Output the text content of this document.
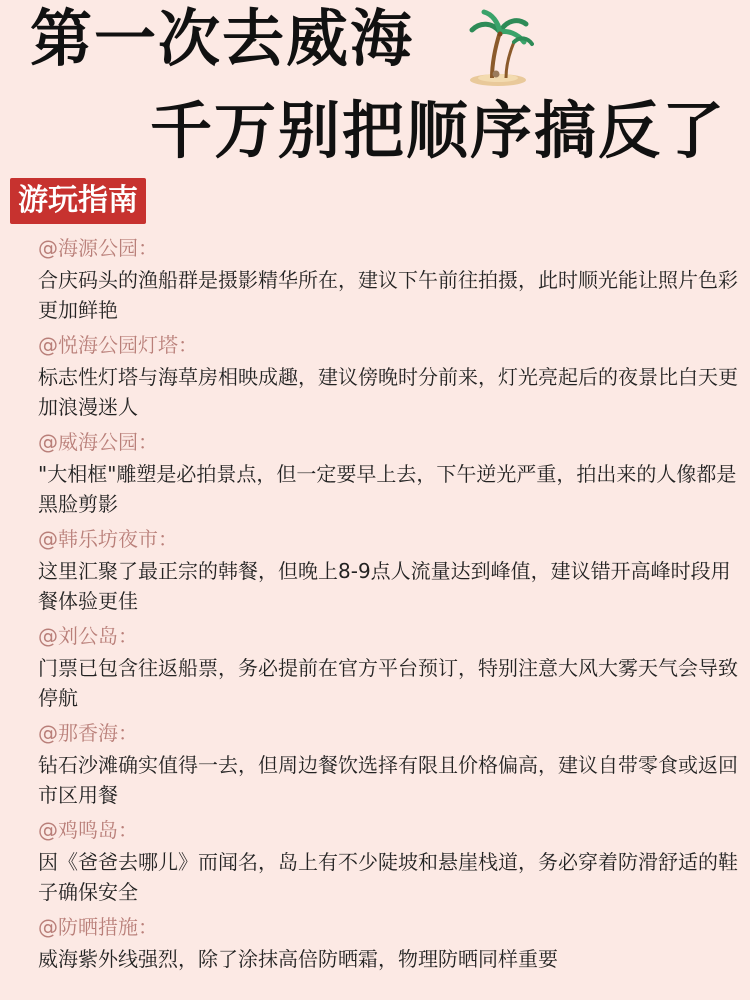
第一次去威海
千万别把顺序搞反了
游玩指南
@海源公园：
合庆码头的渔船群是摄影精华所在，建议下午前往拍摄，此时顺光能让照片色彩更加鲜艳
@悦海公园灯塔：
标志性灯塔与海草房相映成趣，建议傍晚时分前来，灯光亮起后的夜景比白天更加浪漫迷人
@威海公园：
"大相框"雕塑是必拍景点，但一定要早上去，下午逆光严重，拍出来的人像都是黑脸剪影
@韩乐坊夜市：
这里汇聚了最正宗的韩餐，但晚上8-9点人流量达到峰值，建议错开高峰时段用餐体验更佳
@刘公岛：
门票已包含往返船票，务必提前在官方平台预订，特别注意大风大雾天气会导致停航
@那香海：
钻石沙滩确实值得一去，但周边餐饮选择有限且价格偏高，建议自带零食或返回市区用餐
@鸡鸣岛：
因《爸爸去哪儿》而闻名，岛上有不少陡坡和悬崖栈道，务必穿着防滑舒适的鞋子确保安全
@防晒措施：
威海紫外线强烈，除了涂抹高倍防晒霜，物理防晒同样重要
